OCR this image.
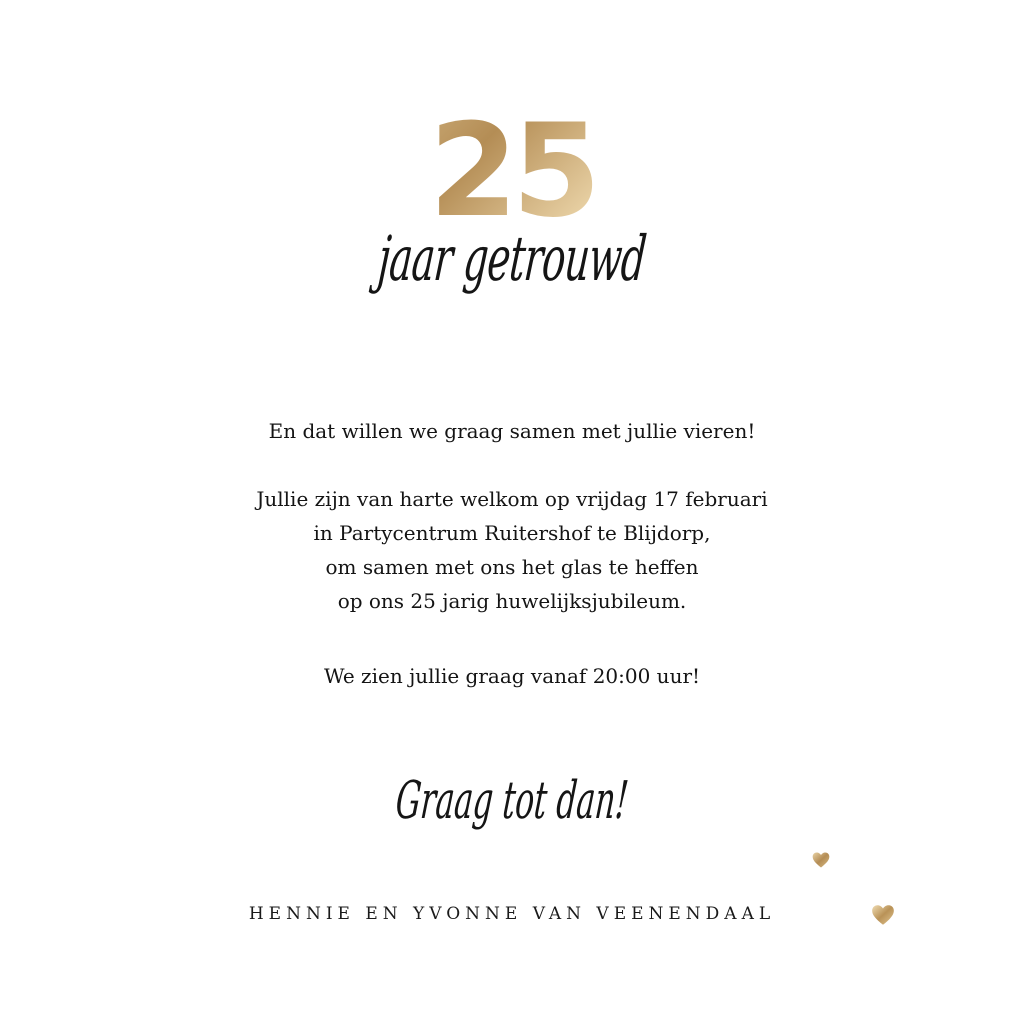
25
jaar getrouwd
En dat willen we graag samen met jullie vieren!
Jullie zijn van harte welkom op vrijdag 17 februari
in Partycentrum Ruitershof te Blijdorp,
om samen met ons het glas te heffen
op ons 25 jarig huwelijksjubileum.
We zien jullie graag vanaf 20:00 uur!
Graag tot dan!
HENNIE EN YVONNE VAN VEENENDAAL
